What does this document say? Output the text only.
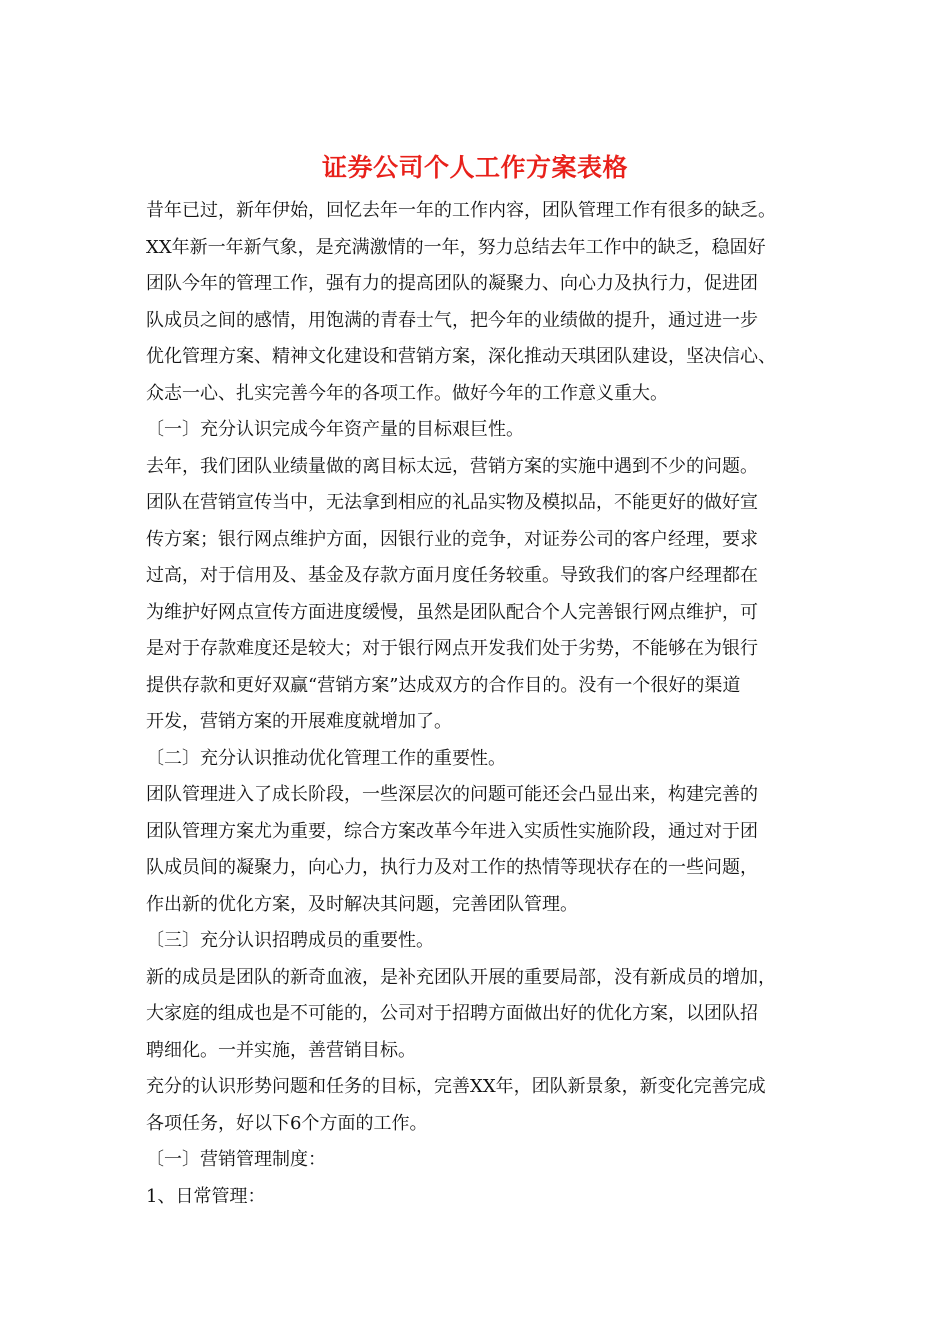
证券公司个人工作方案表格
昔年已过，新年伊始，回忆去年一年的工作内容，团队管理工作有很多的缺乏。
XX年新一年新气象，是充满激情的一年，努力总结去年工作中的缺乏，稳固好
团队今年的管理工作，强有力的提高团队的凝聚力、向心力及执行力，促进团
队成员之间的感情，用饱满的青春士气，把今年的业绩做的提升，通过进一步
优化管理方案、精神文化建设和营销方案，深化推动天琪团队建设，坚决信心、
众志一心、扎实完善今年的各项工作。做好今年的工作意义重大。
〔一〕充分认识完成今年资产量的目标艰巨性。
去年，我们团队业绩量做的离目标太远，营销方案的实施中遇到不少的问题。
团队在营销宣传当中，无法拿到相应的礼品实物及模拟品，不能更好的做好宣
传方案；银行网点维护方面，因银行业的竞争，对证券公司的客户经理，要求
过高，对于信用及、基金及存款方面月度任务较重。导致我们的客户经理都在
为维护好网点宣传方面进度缓慢，虽然是团队配合个人完善银行网点维护，可
是对于存款难度还是较大；对于银行网点开发我们处于劣势，不能够在为银行
提供存款和更好双赢“营销方案”达成双方的合作目的。没有一个很好的渠道
开发，营销方案的开展难度就增加了。
〔二〕充分认识推动优化管理工作的重要性。
团队管理进入了成长阶段，一些深层次的问题可能还会凸显出来，构建完善的
团队管理方案尤为重要，综合方案改革今年进入实质性实施阶段，通过对于团
队成员间的凝聚力，向心力，执行力及对工作的热情等现状存在的一些问题，
作出新的优化方案，及时解决其问题，完善团队管理。
〔三〕充分认识招聘成员的重要性。
新的成员是团队的新奇血液，是补充团队开展的重要局部，没有新成员的增加，
大家庭的组成也是不可能的，公司对于招聘方面做出好的优化方案，以团队招
聘细化。一并实施，善营销目标。
充分的认识形势问题和任务的目标，完善XX年，团队新景象，新变化完善完成
各项任务，好以下6个方面的工作。
〔一〕营销管理制度：
1、日常管理：
